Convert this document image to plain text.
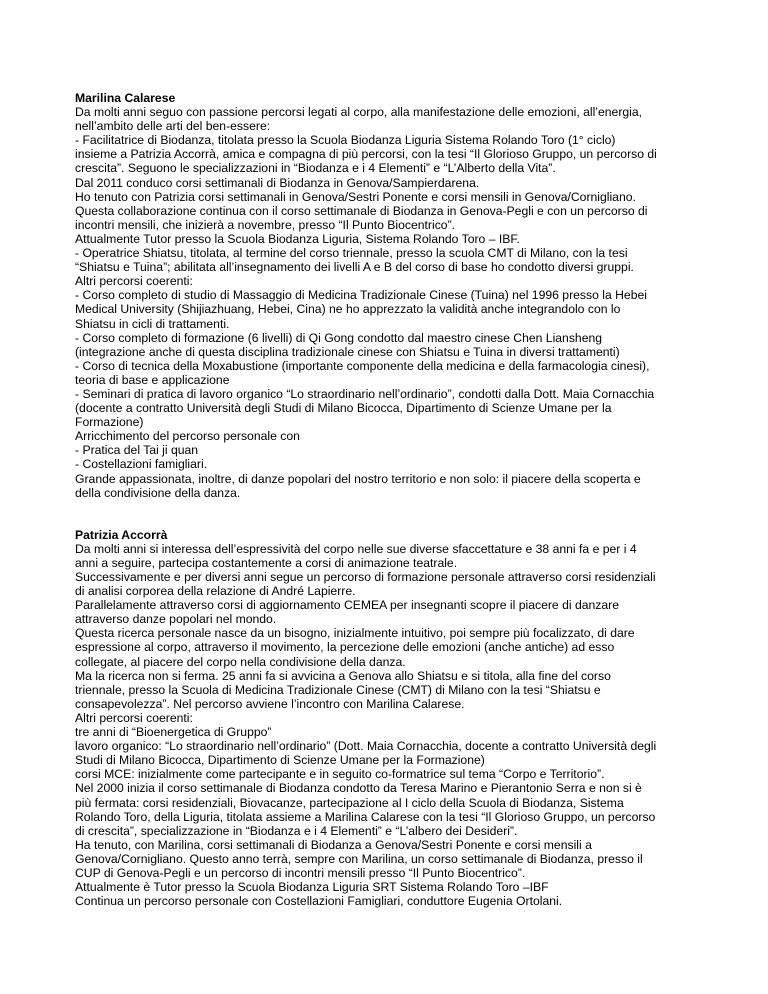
Marilina Calarese

Da molti anni seguo con passione percorsi legati al corpo, alla manifestazione delle emozioni, all’energia,

nell’ambito delle arti del ben-essere:

- Facilitatrice di Biodanza, titolata presso la Scuola Biodanza Liguria Sistema Rolando Toro (1° ciclo)

insieme a Patrizia Accorrà, amica e compagna di più percorsi, con la tesi “Il Glorioso Gruppo, un percorso di

crescita”. Seguono le specializzazioni in “Biodanza e i 4 Elementi” e “L’Alberto della Vita”.

Dal 2011 conduco corsi settimanali di Biodanza in Genova/Sampierdarena.

Ho tenuto con Patrizia corsi settimanali in Genova/Sestri Ponente e corsi mensili in Genova/Cornigliano.

Questa collaborazione continua con il corso settimanale di Biodanza in Genova-Pegli e con un percorso di

incontri mensili, che inizierà a novembre, presso “Il Punto Biocentrico”.

Attualmente Tutor presso la Scuola Biodanza Liguria, Sistema Rolando Toro – IBF.

- Operatrice Shiatsu, titolata, al termine del corso triennale, presso la scuola CMT di Milano, con la tesi

“Shiatsu e Tuina”; abilitata all’insegnamento dei livelli A e B del corso di base ho condotto diversi gruppi.

Altri percorsi coerenti:

- Corso completo di studio di Massaggio di Medicina Tradizionale Cinese (Tuina) nel 1996 presso la Hebei

Medical University (Shijiazhuang, Hebei, Cina) ne ho apprezzato la validità anche integrandolo con lo

Shiatsu in cicli di trattamenti.

- Corso completo di formazione (6 livelli) di Qi Gong condotto dal maestro cinese Chen Liansheng

(integrazione anche di questa disciplina tradizionale cinese con Shiatsu e Tuina in diversi trattamenti)

- Corso di tecnica della Moxabustione (importante componente della medicina e della farmacologia cinesi),

teoria di base e applicazione

- Seminari di pratica di lavoro organico “Lo straordinario nell’ordinario”, condotti dalla Dott. Maia Cornacchia

(docente a contratto Università degli Studi di Milano Bicocca, Dipartimento di Scienze Umane per la

Formazione)

Arricchimento del percorso personale con

- Pratica del Tai ji quan

- Costellazioni famigliari.

Grande appassionata, inoltre, di danze popolari del nostro territorio e non solo: il piacere della scoperta e

della condivisione della danza.

Patrizia Accorrà

Da molti anni si interessa dell’espressività del corpo nelle sue diverse sfaccettature e 38 anni fa e per i 4

anni a seguire, partecipa costantemente a corsi di animazione teatrale.

Successivamente e per diversi anni segue un percorso di formazione personale attraverso corsi residenziali

di analisi corporea della relazione di André Lapierre.

Parallelamente attraverso corsi di aggiornamento CEMEA per insegnanti scopre il piacere di danzare

attraverso danze popolari nel mondo.

Questa ricerca personale nasce da un bisogno, inizialmente intuitivo, poi sempre più focalizzato, di dare

espressione al corpo, attraverso il movimento, la percezione delle emozioni (anche antiche) ad esso

collegate, al piacere del corpo nella condivisione della danza.

Ma la ricerca non si ferma. 25 anni fa si avvicina a Genova allo Shiatsu e si titola, alla fine del corso

triennale, presso la Scuola di Medicina Tradizionale Cinese (CMT) di Milano con la tesi “Shiatsu e

consapevolezza”. Nel percorso avviene l’incontro con Marilina Calarese.

Altri percorsi coerenti:

tre anni di “Bioenergetica di Gruppo”

lavoro organico: “Lo straordinario nell’ordinario” (Dott. Maia Cornacchia, docente a contratto Università degli

Studi di Milano Bicocca, Dipartimento di Scienze Umane per la Formazione)

corsi MCE: inizialmente come partecipante e in seguito co-formatrice sul tema “Corpo e Territorio”.

Nel 2000 inizia il corso settimanale di Biodanza condotto da Teresa Marino e Pierantonio Serra e non si è

più fermata: corsi residenziali, Biovacanze, partecipazione al I ciclo della Scuola di Biodanza, Sistema

Rolando Toro, della Liguria, titolata assieme a Marilina Calarese con la tesi “Il Glorioso Gruppo, un percorso

di crescita”, specializzazione in “Biodanza e i 4 Elementi” e “L’albero dei Desideri”.

Ha tenuto, con Marilina, corsi settimanali di Biodanza a Genova/Sestri Ponente e corsi mensili a

Genova/Cornigliano. Questo anno terrà, sempre con Marilina, un corso settimanale di Biodanza, presso il

CUP di Genova-Pegli e un percorso di incontri mensili presso “Il Punto Biocentrico”.

Attualmente è Tutor presso la Scuola Biodanza Liguria SRT Sistema Rolando Toro –IBF

Continua un percorso personale con Costellazioni Famigliari, conduttore Eugenia Ortolani.
